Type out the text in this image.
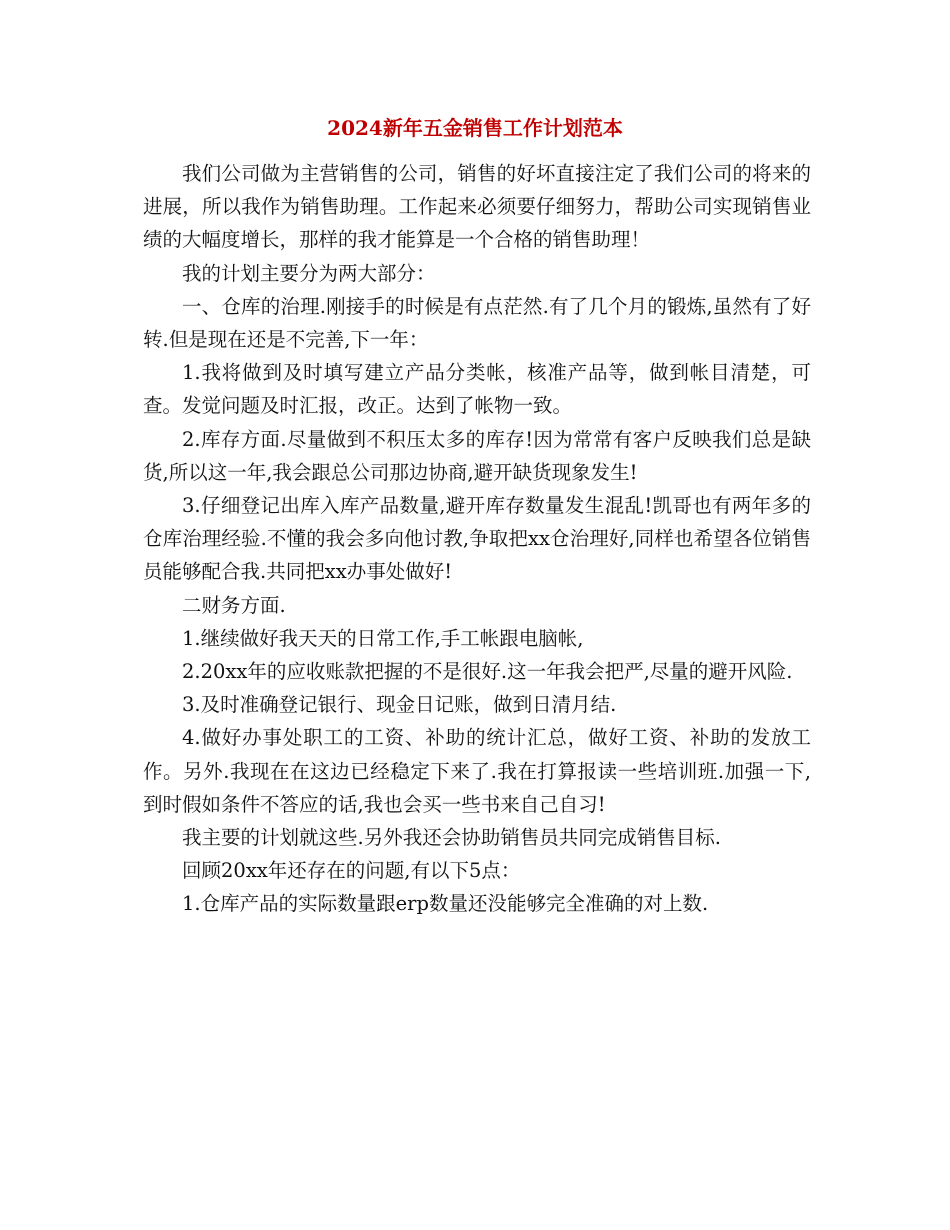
2024新年五金销售工作计划范本

我们公司做为主营销售的公司，销售的好坏直接注定了我们公司的将来的进展，所以我作为销售助理。工作起来必须要仔细努力，帮助公司实现销售业绩的大幅度增长，那样的我才能算是一个合格的销售助理！

我的计划主要分为两大部分：

一、仓库的治理.刚接手的时候是有点茫然.有了几个月的锻炼,虽然有了好转.但是现在还是不完善,下一年：

1.我将做到及时填写建立产品分类帐，核准产品等，做到帐目清楚，可查。发觉问题及时汇报，改正。达到了帐物一致。

2.库存方面.尽量做到不积压太多的库存!因为常常有客户反映我们总是缺货,所以这一年,我会跟总公司那边协商,避开缺货现象发生!

3.仔细登记出库入库产品数量,避开库存数量发生混乱!凯哥也有两年多的仓库治理经验.不懂的我会多向他讨教,争取把xx仓治理好,同样也希望各位销售员能够配合我.共同把xx办事处做好!

二财务方面.

1.继续做好我天天的日常工作,手工帐跟电脑帐,

2.20xx年的应收账款把握的不是很好.这一年我会把严,尽量的避开风险.

3.及时准确登记银行、现金日记账，做到日清月结.

4.做好办事处职工的工资、补助的统计汇总，做好工资、补助的发放工作。另外.我现在在这边已经稳定下来了.我在打算报读一些培训班.加强一下,到时假如条件不答应的话,我也会买一些书来自己自习!

我主要的计划就这些.另外我还会协助销售员共同完成销售目标.

回顾20xx年还存在的问题,有以下5点：

1.仓库产品的实际数量跟erp数量还没能够完全准确的对上数.
